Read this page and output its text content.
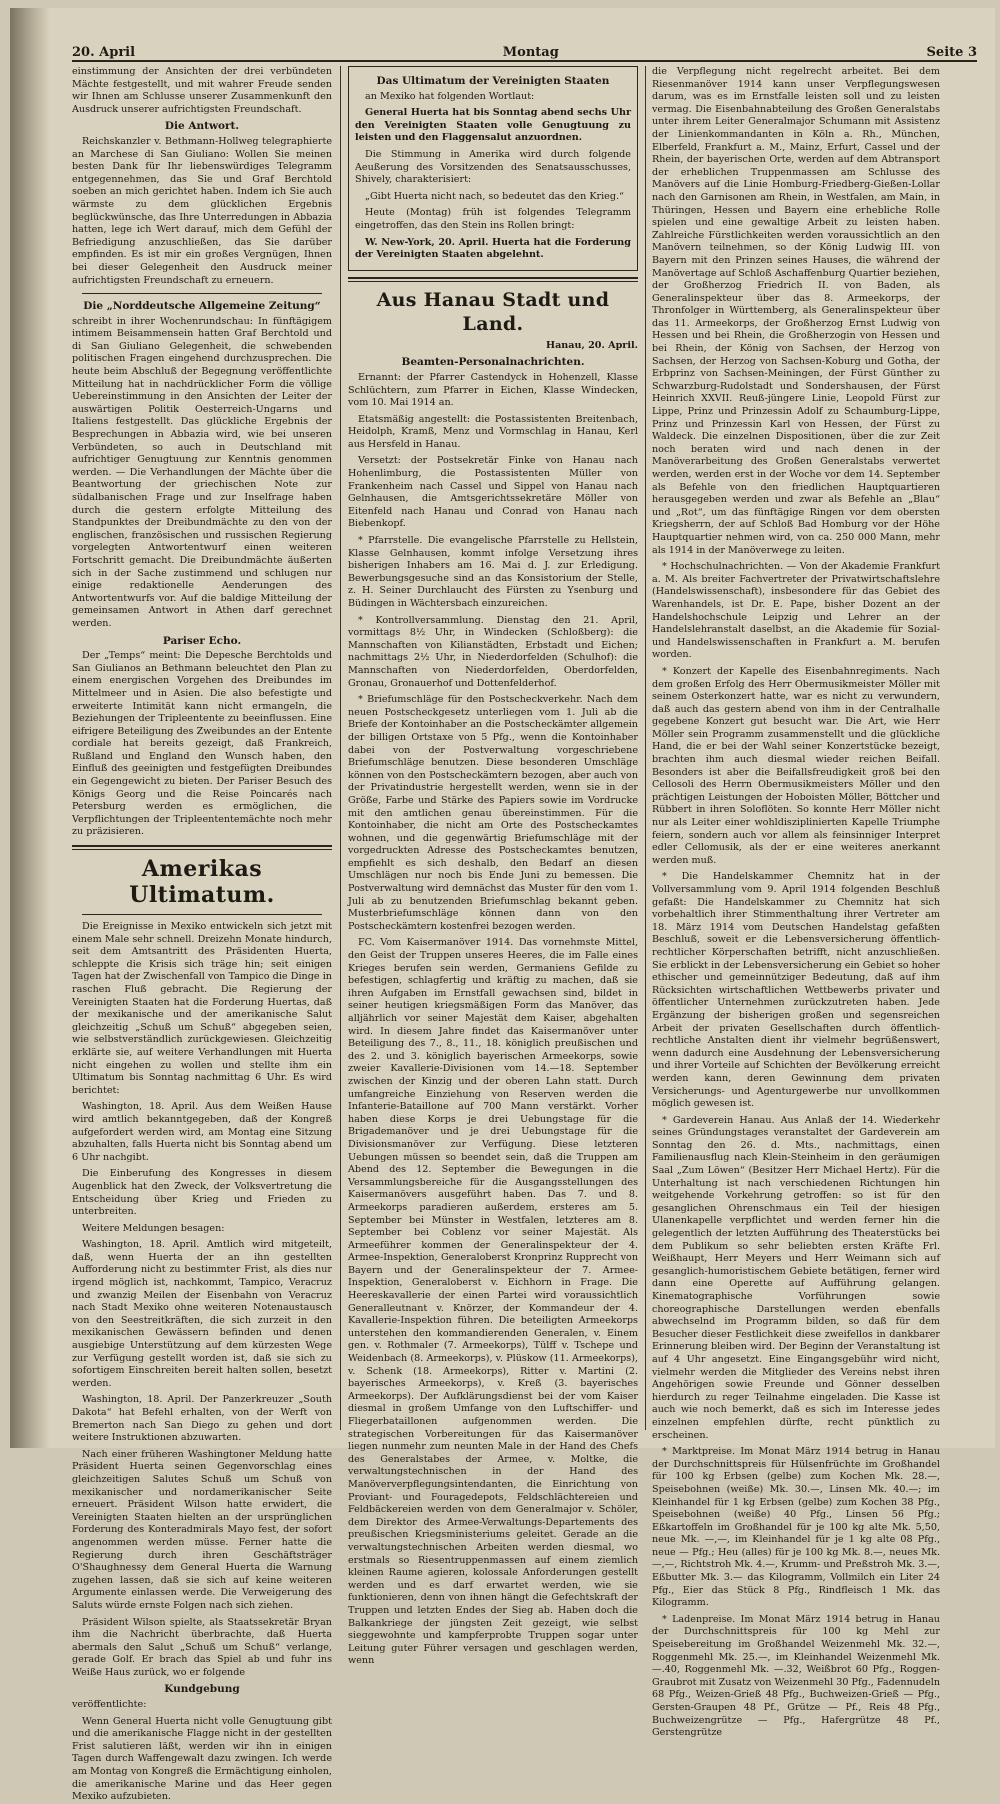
20. April	Montag	Seite 3

einstimmung der Ansichten der drei verbündeten Mächte festgestellt, und mit wahrer Freude senden wir Ihnen am Schlusse unserer Zusammenkunft den Ausdruck unserer aufrichtigsten Freundschaft.

Die Antwort.

Reichskanzler v. Bethmann-Hollweg telegraphierte an Marchese di San Giuliano: Wollen Sie meinen besten Dank für Ihr liebenswürdiges Telegramm entgegennehmen, das Sie und Graf Berchtold soeben an mich gerichtet haben. Indem ich Sie auch wärmste zu dem glücklichen Ergebnis beglückwünsche, das Ihre Unterredungen in Abbazia hatten, lege ich Wert darauf, mich dem Gefühl der Befriedigung anzuschließen, das Sie darüber empfinden. Es ist mir ein großes Vergnügen, Ihnen bei dieser Gelegenheit den Ausdruck meiner aufrichtigsten Freundschaft zu erneuern.

Die „Norddeutsche Allgemeine Zeitung“

schreibt in ihrer Wochenrundschau: In fünftägigem intimem Beisammensein hatten Graf Berchtold und di San Giuliano Gelegenheit, die schwebenden politischen Fragen eingehend durchzusprechen. Die heute beim Abschluß der Begegnung veröffentlichte Mitteilung hat in nachdrücklicher Form die völlige Uebereinstimmung in den Ansichten der Leiter der auswärtigen Politik Oesterreich-Ungarns und Italiens festgestellt. Das glückliche Ergebnis der Besprechungen in Abbazia wird, wie bei unseren Verbündeten, so auch in Deutschland mit aufrichtiger Genugtuung zur Kenntnis genommen werden. — Die Verhandlungen der Mächte über die Beantwortung der griechischen Note zur südalbanischen Frage und zur Inselfrage haben durch die gestern erfolgte Mitteilung des Standpunktes der Dreibundmächte zu den von der englischen, französischen und russischen Regierung vorgelegten Antwortentwurf einen weiteren Fortschritt gemacht. Die Dreibundmächte äußerten sich in der Sache zustimmend und schlugen nur einige redaktionelle Aenderungen des Antwortentwurfs vor. Auf die baldige Mitteilung der gemeinsamen Antwort in Athen darf gerechnet werden.

Pariser Echo.

Der „Temps“ meint: Die Depesche Berchtolds und San Giulianos an Bethmann beleuchtet den Plan zu einem energischen Vorgehen des Dreibundes im Mittelmeer und in Asien. Die also befestigte und erweiterte Intimität kann nicht ermangeln, die Beziehungen der Tripleentente zu beeinflussen. Eine eifrigere Beteiligung des Zweibundes an der Entente cordiale hat bereits gezeigt, daß Frankreich, Rußland und England den Wunsch haben, den Einfluß des geeinigten und festgefügten Dreibundes ein Gegengewicht zu bieten. Der Pariser Besuch des Königs Georg und die Reise Poincarés nach Petersburg werden es ermöglichen, die Verpflichtungen der Tripleententemächte noch mehr zu präzisieren.

Amerikas Ultimatum.

Die Ereignisse in Mexiko entwickeln sich jetzt mit einem Male sehr schnell. Dreizehn Monate hindurch, seit dem Amtsantritt des Präsidenten Huerta, schleppte die Krisis sich träge hin; seit einigen Tagen hat der Zwischenfall von Tampico die Dinge in raschen Fluß gebracht. Die Regierung der Vereinigten Staaten hat die Forderung Huertas, daß der mexikanische und der amerikanische Salut gleichzeitig „Schuß um Schuß“ abgegeben seien, wie selbstverständlich zurückgewiesen. Gleichzeitig erklärte sie, auf weitere Verhandlungen mit Huerta nicht eingehen zu wollen und stellte ihm ein Ultimatum bis Sonntag nachmittag 6 Uhr. Es wird berichtet:

Washington, 18. April. Aus dem Weißen Hause wird amtlich bekanntgegeben, daß der Kongreß aufgefordert werden wird, am Montag eine Sitzung abzuhalten, falls Huerta nicht bis Sonntag abend um 6 Uhr nachgibt.

Die Einberufung des Kongresses in diesem Augenblick hat den Zweck, der Volksvertretung die Entscheidung über Krieg und Frieden zu unterbreiten.

Weitere Meldungen besagen:

Washington, 18. April. Amtlich wird mitgeteilt, daß, wenn Huerta der an ihn gestellten Aufforderung nicht zu bestimmter Frist, als dies nur irgend möglich ist, nachkommt, Tampico, Veracruz und zwanzig Meilen der Eisenbahn von Veracruz nach Stadt Mexiko ohne weiteren Notenaustausch von den Seestreitkräften, die sich zurzeit in den mexikanischen Gewässern befinden und denen ausgiebige Unterstützung auf dem kürzesten Wege zur Verfügung gestellt worden ist, daß sie sich zu sofortigem Einschreiten bereit halten sollen, besetzt werden.

Washington, 18. April. Der Panzerkreuzer „South Dakota“ hat Befehl erhalten, von der Werft von Bremerton nach San Diego zu gehen und dort weitere Instruktionen abzuwarten.

Nach einer früheren Washingtoner Meldung hatte Präsident Huerta seinen Gegenvorschlag eines gleichzeitigen Salutes Schuß um Schuß von mexikanischer und nordamerikanischer Seite erneuert. Präsident Wilson hatte erwidert, die Vereinigten Staaten hielten an der ursprünglichen Forderung des Konteradmirals Mayo fest, der sofort angenommen werden müsse. Ferner hatte die Regierung durch ihren Geschäftsträger O'Shaughnessy dem General Huerta die Warnung zugehen lassen, daß sie sich auf keine weiteren Argumente einlassen werde. Die Verweigerung des Saluts würde ernste Folgen nach sich ziehen.

Präsident Wilson spielte, als Staatssekretär Bryan ihm die Nachricht überbrachte, daß Huerta abermals den Salut „Schuß um Schuß“ verlange, gerade Golf. Er brach das Spiel ab und fuhr ins Weiße Haus zurück, wo er folgende

Kundgebung

veröffentlichte:

Wenn General Huerta nicht volle Genugtuung gibt und die amerikanische Flagge nicht in der gestellten Frist salutieren läßt, werden wir ihn in einigen Tagen durch Waffengewalt dazu zwingen. Ich werde am Montag von Kongreß die Ermächtigung einholen, die amerikanische Marine und das Heer gegen Mexiko aufzubieten.

Das Ultimatum der Vereinigten Staaten

an Mexiko hat folgenden Wortlaut:

General Huerta hat bis Sonntag abend sechs Uhr den Vereinigten Staaten volle Genugtuung zu leisten und den Flaggensalut anzuordnen.

Die Stimmung in Amerika wird durch folgende Aeußerung des Vorsitzenden des Senatsausschusses, Shively, charakterisiert:

„Gibt Huerta nicht nach, so bedeutet das den Krieg.“

Heute (Montag) früh ist folgendes Telegramm eingetroffen, das den Stein ins Rollen bringt:

W. New-York, 20. April. Huerta hat die Forderung der Vereinigten Staaten abgelehnt.

Aus Hanau Stadt und Land.
Hanau, 20. April.
Beamten-Personalnachrichten.

Ernannt: der Pfarrer Castendyck in Hohenzell, Klasse Schlüchtern, zum Pfarrer in Eichen, Klasse Windecken, vom 10. Mai 1914 an.

Etatsmäßig angestellt: die Postassistenten Breitenbach, Heidolph, Kramß, Menz und Vormschlag in Hanau, Kerl aus Hersfeld in Hanau.

Versetzt: der Postsekretär Finke von Hanau nach Hohenlimburg, die Postassistenten Müller von Frankenheim nach Cassel und Sippel von Hanau nach Gelnhausen, die Amtsgerichtssekretäre Möller von Eitenfeld nach Hanau und Conrad von Hanau nach Biebenkopf.

* Pfarrstelle. Die evangelische Pfarrstelle zu Hellstein, Klasse Gelnhausen, kommt infolge Versetzung ihres bisherigen Inhabers am 16. Mai d. J. zur Erledigung. Bewerbungsgesuche sind an das Konsistorium der Stelle, z. H. Seiner Durchlaucht des Fürsten zu Ysenburg und Büdingen in Wächtersbach einzureichen.

* Kontrollversammlung. Dienstag den 21. April, vormittags 8½ Uhr, in Windecken (Schloßberg): die Mannschaften von Kilianstädten, Erbstadt und Eichen; nachmittags 2½ Uhr, in Niederdorfelden (Schulhof): die Mannschaften von Niederdorfelden, Oberdorfelden, Gronau, Gronauerhof und Dottenfelderhof.

* Briefumschläge für den Postscheckverkehr. Nach dem neuen Postscheckgesetz unterliegen vom 1. Juli ab die Briefe der Kontoinhaber an die Postscheckämter allgemein der billigen Ortstaxe von 5 Pfg., wenn die Kontoinhaber dabei von der Postverwaltung vorgeschriebene Briefumschläge benutzen. Diese besonderen Umschläge können von den Postscheckämtern bezogen, aber auch von der Privatindustrie hergestellt werden, wenn sie in der Größe, Farbe und Stärke des Papiers sowie im Vordrucke mit den amtlichen genau übereinstimmen. Für die Kontoinhaber, die nicht am Orte des Postscheckamtes wohnen, und die gegenwärtig Briefumschläge mit der vorgedruckten Adresse des Postscheckamtes benutzen, empfiehlt es sich deshalb, den Bedarf an diesen Umschlägen nur noch bis Ende Juni zu bemessen. Die Postverwaltung wird demnächst das Muster für den vom 1. Juli ab zu benutzenden Briefumschlag bekannt geben. Musterbriefumschläge können dann von den Postscheckämtern kostenfrei bezogen werden.

FC. Vom Kaisermanöver 1914. Das vornehmste Mittel, den Geist der Truppen unseres Heeres, die im Falle eines Krieges berufen sein werden, Germaniens Gefilde zu befestigen, schlagfertig und kräftig zu machen, daß sie ihren Aufgaben im Ernstfall gewachsen sind, bildet in seiner heutigen kriegsmäßigen Form das Manöver, das alljährlich vor seiner Majestät dem Kaiser, abgehalten wird. In diesem Jahre findet das Kaisermanöver unter Beteiligung des 7., 8., 11., 18. königlich preußischen und des 2. und 3. königlich bayerischen Armeekorps, sowie zweier Kavallerie-Divisionen vom 14.—18. September zwischen der Kinzig und der oberen Lahn statt. Durch umfangreiche Einziehung von Reserven werden die Infanterie-Bataillone auf 700 Mann verstärkt. Vorher haben diese Korps je drei Uebungstage für die Brigademanöver und je drei Uebungstage für die Divisionsmanöver zur Verfügung. Diese letzteren Uebungen müssen so beendet sein, daß die Truppen am Abend des 12. September die Bewegungen in die Versammlungsbereiche für die Ausgangsstellungen des Kaisermanövers ausgeführt haben. Das 7. und 8. Armeekorps paradieren außerdem, ersteres am 5. September bei Münster in Westfalen, letzteres am 8. September bei Coblenz vor seiner Majestät. Als Armeeführer kommen der Generalinspekteur der 4. Armee-Inspektion, Generaloberst Kronprinz Rupprecht von Bayern und der Generalinspekteur der 7. Armee-Inspektion, Generaloberst v. Eichhorn in Frage. Die Heereskavallerie der einen Partei wird voraussichtlich Generalleutnant v. Knörzer, der Kommandeur der 4. Kavallerie-Inspektion führen. Die beteiligten Armeekorps unterstehen den kommandierenden Generalen, v. Einem gen. v. Rothmaler (7. Armeekorps), Tülff v. Tschepe und Weidenbach (8. Armeekorps), v. Plüskow (11. Armeekorps), v. Schenk (18. Armeekorps), Ritter v. Martini (2. bayerisches Armeekorps), v. Kreß (3. bayerisches Armeekorps). Der Aufklärungsdienst bei der vom Kaiser diesmal in großem Umfange von den Luftschiffer- und Fliegerbataillonen aufgenommen werden. Die strategischen Vorbereitungen für das Kaisermanöver liegen nunmehr zum neunten Male in der Hand des Chefs des Generalstabes der Armee, v. Moltke, die verwaltungstechnischen in der Hand des Manöververpflegungsintendanten, die Einrichtung von Proviant- und Fouragedepots, Feldschlächtereien und Feldbäckereien werden von dem Generalmajor v. Schöler, dem Direktor des Armee-Verwaltungs-Departements des preußischen Kriegsministeriums geleitet. Gerade an die verwaltungstechnischen Arbeiten werden diesmal, wo erstmals so Riesentruppenmassen auf einem ziemlich kleinen Raume agieren, kolossale Anforderungen gestellt werden und es darf erwartet werden, wie sie funktionieren, denn von ihnen hängt die Gefechtskraft der Truppen und letzten Endes der Sieg ab. Haben doch die Balkankriege der jüngsten Zeit gezeigt, wie selbst sieggewohnte und kampferprobte Truppen sogar unter Leitung guter Führer versagen und geschlagen werden, wenn

die Verpflegung nicht regelrecht arbeitet. Bei dem Riesenmanöver 1914 kann unser Verpflegungswesen darum, was es im Ernstfalle leisten soll und zu leisten vermag. Die Eisenbahnabteilung des Großen Generalstabs unter ihrem Leiter Generalmajor Schumann mit Assistenz der Linienkommandanten in Köln a. Rh., München, Elberfeld, Frankfurt a. M., Mainz, Erfurt, Cassel und der Rhein, der bayerischen Orte, werden auf dem Abtransport der erheblichen Truppenmassen am Schlusse des Manövers auf die Linie Homburg-Friedberg-Gießen-Lollar nach den Garnisonen am Rhein, in Westfalen, am Main, in Thüringen, Hessen und Bayern eine erhebliche Rolle spielen und eine gewaltige Arbeit zu leisten haben. Zahlreiche Fürstlichkeiten werden voraussichtlich an den Manövern teilnehmen, so der König Ludwig III. von Bayern mit den Prinzen seines Hauses, die während der Manövertage auf Schloß Aschaffenburg Quartier beziehen, der Großherzog Friedrich II. von Baden, als Generalinspekteur über das 8. Armeekorps, der Thronfolger in Württemberg, als Generalinspekteur über das 11. Armeekorps, der Großherzog Ernst Ludwig von Hessen und bei Rhein, die Großherzogin von Hessen und bei Rhein, der König von Sachsen, der Herzog von Sachsen, der Herzog von Sachsen-Koburg und Gotha, der Erbprinz von Sachsen-Meiningen, der Fürst Günther zu Schwarzburg-Rudolstadt und Sondershausen, der Fürst Heinrich XXVII. Reuß-jüngere Linie, Leopold Fürst zur Lippe, Prinz und Prinzessin Adolf zu Schaumburg-Lippe, Prinz und Prinzessin Karl von Hessen, der Fürst zu Waldeck. Die einzelnen Dispositionen, über die zur Zeit noch beraten wird und nach denen in der Manöverarbeitung des Großen Generalstabs verwertet werden, werden erst in der Woche vor dem 14. September als Befehle von den friedlichen Hauptquartieren herausgegeben werden und zwar als Befehle an „Blau“ und „Rot“, um das fünftägige Ringen vor dem obersten Kriegsherrn, der auf Schloß Bad Homburg vor der Höhe Hauptquartier nehmen wird, von ca. 250 000 Mann, mehr als 1914 in der Manöverwege zu leiten.

* Hochschulnachrichten. — Von der Akademie Frankfurt a. M. Als breiter Fachvertreter der Privatwirtschaftslehre (Handelswissenschaft), insbesondere für das Gebiet des Warenhandels, ist Dr. E. Pape, bisher Dozent an der Handelshochschule Leipzig und Lehrer an der Handelslehranstalt daselbst, an die Akademie für Sozial- und Handelswissenschaften in Frankfurt a. M. berufen worden.

* Konzert der Kapelle des Eisenbahnregiments. Nach dem großen Erfolg des Herr Obermusikmeister Möller mit seinem Osterkonzert hatte, war es nicht zu verwundern, daß auch das gestern abend von ihm in der Centralhalle gegebene Konzert gut besucht war. Die Art, wie Herr Möller sein Programm zusammenstellt und die glückliche Hand, die er bei der Wahl seiner Konzertstücke bezeigt, brachten ihm auch diesmal wieder reichen Beifall. Besonders ist aber die Beifallsfreudigkeit groß bei den Cellosoli des Herrn Obermusikmeisters Möller und den prächtigen Leistungen der Hoboisten Möller, Böttcher und Rübbert in ihren Soloflöten. So konnte Herr Möller nicht nur als Leiter einer wohldisziplinierten Kapelle Triumphe feiern, sondern auch vor allem als feinsinniger Interpret edler Cellomusik, als der er eine weiteres anerkannt werden muß.

* Die Handelskammer Chemnitz hat in der Vollversammlung vom 9. April 1914 folgenden Beschluß gefaßt: Die Handelskammer zu Chemnitz hat sich vorbehaltlich ihrer Stimmenthaltung ihrer Vertreter am 18. März 1914 vom Deutschen Handelstag gefaßten Beschluß, soweit er die Lebensversicherung öffentlich-rechtlicher Körperschaften betrifft, nicht anzuschließen. Sie erblickt in der Lebensversicherung ein Gebiet so hoher ethischer und gemeinnütziger Bedeutung, daß auf ihm Rücksichten wirtschaftlichen Wettbewerbs privater und öffentlicher Unternehmen zurückzutreten haben. Jede Ergänzung der bisherigen großen und segensreichen Arbeit der privaten Gesellschaften durch öffentlich-rechtliche Anstalten dient ihr vielmehr begrüßenswert, wenn dadurch eine Ausdehnung der Lebensversicherung und ihrer Vorteile auf Schichten der Bevölkerung erreicht werden kann, deren Gewinnung dem privaten Versicherungs- und Agenturgewerbe nur unvollkommen möglich gewesen ist.

* Gardeverein Hanau. Aus Anlaß der 14. Wiederkehr seines Gründungstages veranstaltet der Gardeverein am Sonntag den 26. d. Mts., nachmittags, einen Familienausflug nach Klein-Steinheim in den geräumigen Saal „Zum Löwen“ (Besitzer Herr Michael Hertz). Für die Unterhaltung ist nach verschiedenen Richtungen hin weitgehende Vorkehrung getroffen: so ist für den gesanglichen Ohrenschmaus ein Teil der hiesigen Ulanenkapelle verpflichtet und werden ferner hin die gelegentlich der letzten Aufführung des Theaterstücks bei dem Publikum so sehr beliebten ersten Kräfte Frl. Weißhaupt, Herr Meyers und Herr Weimann sich auf gesanglich-humoristischem Gebiete betätigen, ferner wird dann eine Operette auf Aufführung gelangen. Kinematographische Vorführungen sowie choreographische Darstellungen werden ebenfalls abwechselnd im Programm bilden, so daß für dem Besucher dieser Festlichkeit diese zweifellos in dankbarer Erinnerung bleiben wird. Der Beginn der Veranstaltung ist auf 4 Uhr angesetzt. Eine Eingangsgebühr wird nicht, vielmehr werden die Mitglieder des Vereins nebst ihren Angehörigen sowie Freunde und Gönner desselben hierdurch zu reger Teilnahme eingeladen. Die Kasse ist auch wie noch bemerkt, daß es sich im Interesse jedes einzelnen empfehlen dürfte, recht pünktlich zu erscheinen.

* Marktpreise. Im Monat März 1914 betrug in Hanau der Durchschnittspreis für Hülsenfrüchte im Großhandel für 100 kg Erbsen (gelbe) zum Kochen Mk. 28.—, Speisebohnen (weiße) Mk. 30.—, Linsen Mk. 40.—; im Kleinhandel für 1 kg Erbsen (gelbe) zum Kochen 38 Pfg., Speisebohnen (weiße) 40 Pfg., Linsen 56 Pfg.; Eßkartoffeln im Großhandel für je 100 kg alte Mk. 5,50, neue Mk. —,—, im Kleinhandel für je 1 kg alte 08 Pfg., neue — Pfg.; Heu (alles) für je 100 kg Mk. 8.—, neues Mk. —,—, Richtstroh Mk. 4.—, Krumm- und Preßstroh Mk. 3.—, Eßbutter Mk. 3.— das Kilogramm, Vollmilch ein Liter 24 Pfg., Eier das Stück 8 Pfg., Rindfleisch 1 Mk. das Kilogramm.

* Ladenpreise. Im Monat März 1914 betrug in Hanau der Durchschnittspreis für 100 kg Mehl zur Speisebereitung im Großhandel Weizenmehl Mk. 32.—, Roggenmehl Mk. 25.—, im Kleinhandel Weizenmehl Mk. —.40, Roggenmehl Mk. —.32, Weißbrot 60 Pfg., Roggen-Graubrot mit Zusatz von Weizenmehl 30 Pfg., Fadennudeln 68 Pfg., Weizen-Grieß 48 Pfg., Buchweizen-Grieß — Pfg., Gersten-Graupen 48 Pf., Grütze — Pf., Reis 48 Pfg., Buchweizengrütze — Pfg., Hafergrütze 48 Pf., Gerstengrütze
